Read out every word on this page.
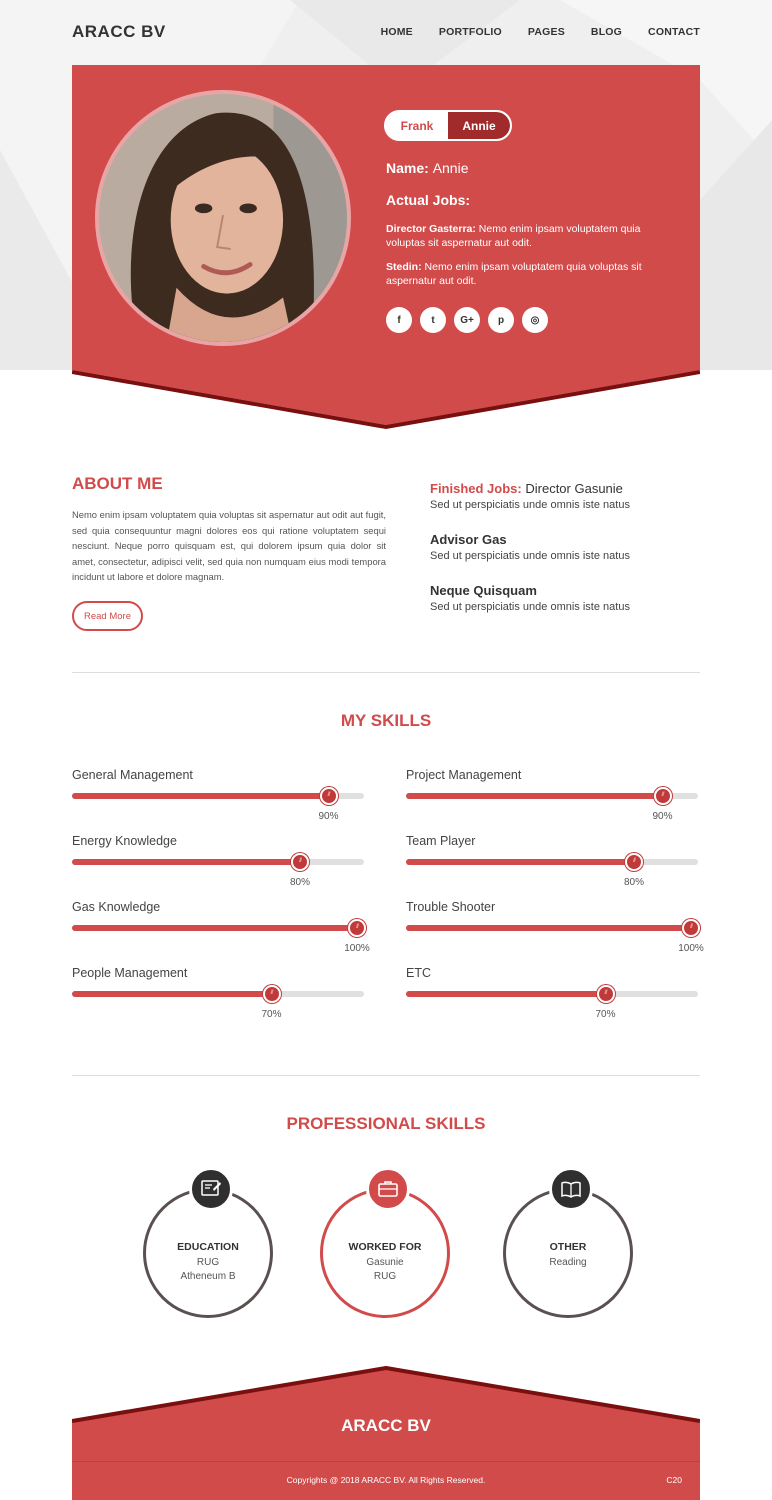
ARACC BV	HOME PORTFOLIO PAGES BLOG CONTACT
Frank	Annie
Name: Annie
Actual Jobs:
Director Gasterra: Nemo enim ipsam voluptatem quia voluptas sit aspernatur aut odit.
Stedin: Nemo enim ipsam voluptatem quia voluptas sit aspernatur aut odit.
f	t	G+	p	◎
ABOUT ME
Nemo enim ipsam voluptatem quia voluptas sit aspernatur aut odit aut fugit, sed quia consequuntur magni dolores eos qui ratione voluptatem sequi nesciunt. Neque porro quisquam est, qui dolorem ipsum quia dolor sit amet, consectetur, adipisci velit, sed quia non numquam eius modi tempora incidunt ut labore et dolore magnam.
Read More
Finished Jobs: Director Gasunie
Sed ut perspiciatis unde omnis iste natus
Advisor Gas
Sed ut perspiciatis unde omnis iste natus
Neque Quisquam
Sed ut perspiciatis unde omnis iste natus
MY SKILLS
General Management
///
90%
Project Management
///
90%
Energy Knowledge
///
80%
Team Player
///
80%
Gas Knowledge
///
100%
Trouble Shooter
///
100%
People Management
///
70%
ETC
///
70%
PROFESSIONAL SKILLS
EDUCATION
RUG
Atheneum B
WORKED FOR
Gasunie
RUG
OTHER
Reading
ARACC BV
Copyrights @ 2018 ARACC BV. All Rights Reserved.	C20
